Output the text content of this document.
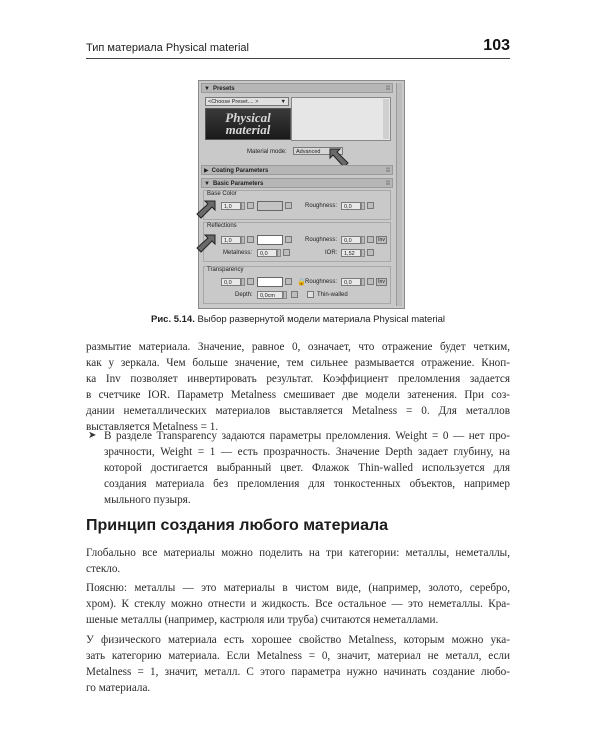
Тип материала Physical material	103
▼ Presets	⁞⁞
<Choose Preset.... >	▼
Physical
material
Material mode:	Advanced
▶ Coating Parameters	⁞⁞
▼ Basic Parameters	⁞⁞
Base Color
1,0	Roughness:	0,0
Reflections
1,0	Roughness:	0,0	Inv
Metalness:	0,0	IOR:	1,52
Transparency
0,0	🔒 Roughness:	0,0	Inv
Depth:	0,0cm	Thin-walled
Рис. 5.14. Выбор развернутой модели материала Physical material

размытие материала. Значение, равное 0, означает, что отражение будет четким,
как у зеркала. Чем больше значение, тем сильнее размывается отражение. Кноп-
ка Inv позволяет инвертировать результат. Коэффициент преломления задается
в счетчике IOR. Параметр Metalness смешивает две модели затенения. При соз-
дании неметаллических материалов выставляется Metalness = 0. Для металлов
выставляется Metalness = 1.

➤ В разделе Transparency задаются параметры преломления. Weight = 0 — нет про-
зрачности, Weight = 1 — есть прозрачность. Значение Depth задает глубину, на
которой достигается выбранный цвет. Флажок Thin-walled используется для
создания материала без преломления для тонкостенных объектов, например
мыльного пузыря.

Принцип создания любого материала

Глобально все материалы можно поделить на три категории: металлы, неметаллы,
стекло.

Поясню: металлы — это материалы в чистом виде, (например, золото, серебро,
хром). К стеклу можно отнести и жидкость. Все остальное — это неметаллы. Кра-
шеные металлы (например, кастрюля или труба) считаются неметаллами.

У физического материала есть хорошее свойство Metalness, которым можно ука-
зать категорию материала. Если Metalness = 0, значит, материал не металл, если
Metalness = 1, значит, металл. С этого параметра нужно начинать создание любо-
го материала.
